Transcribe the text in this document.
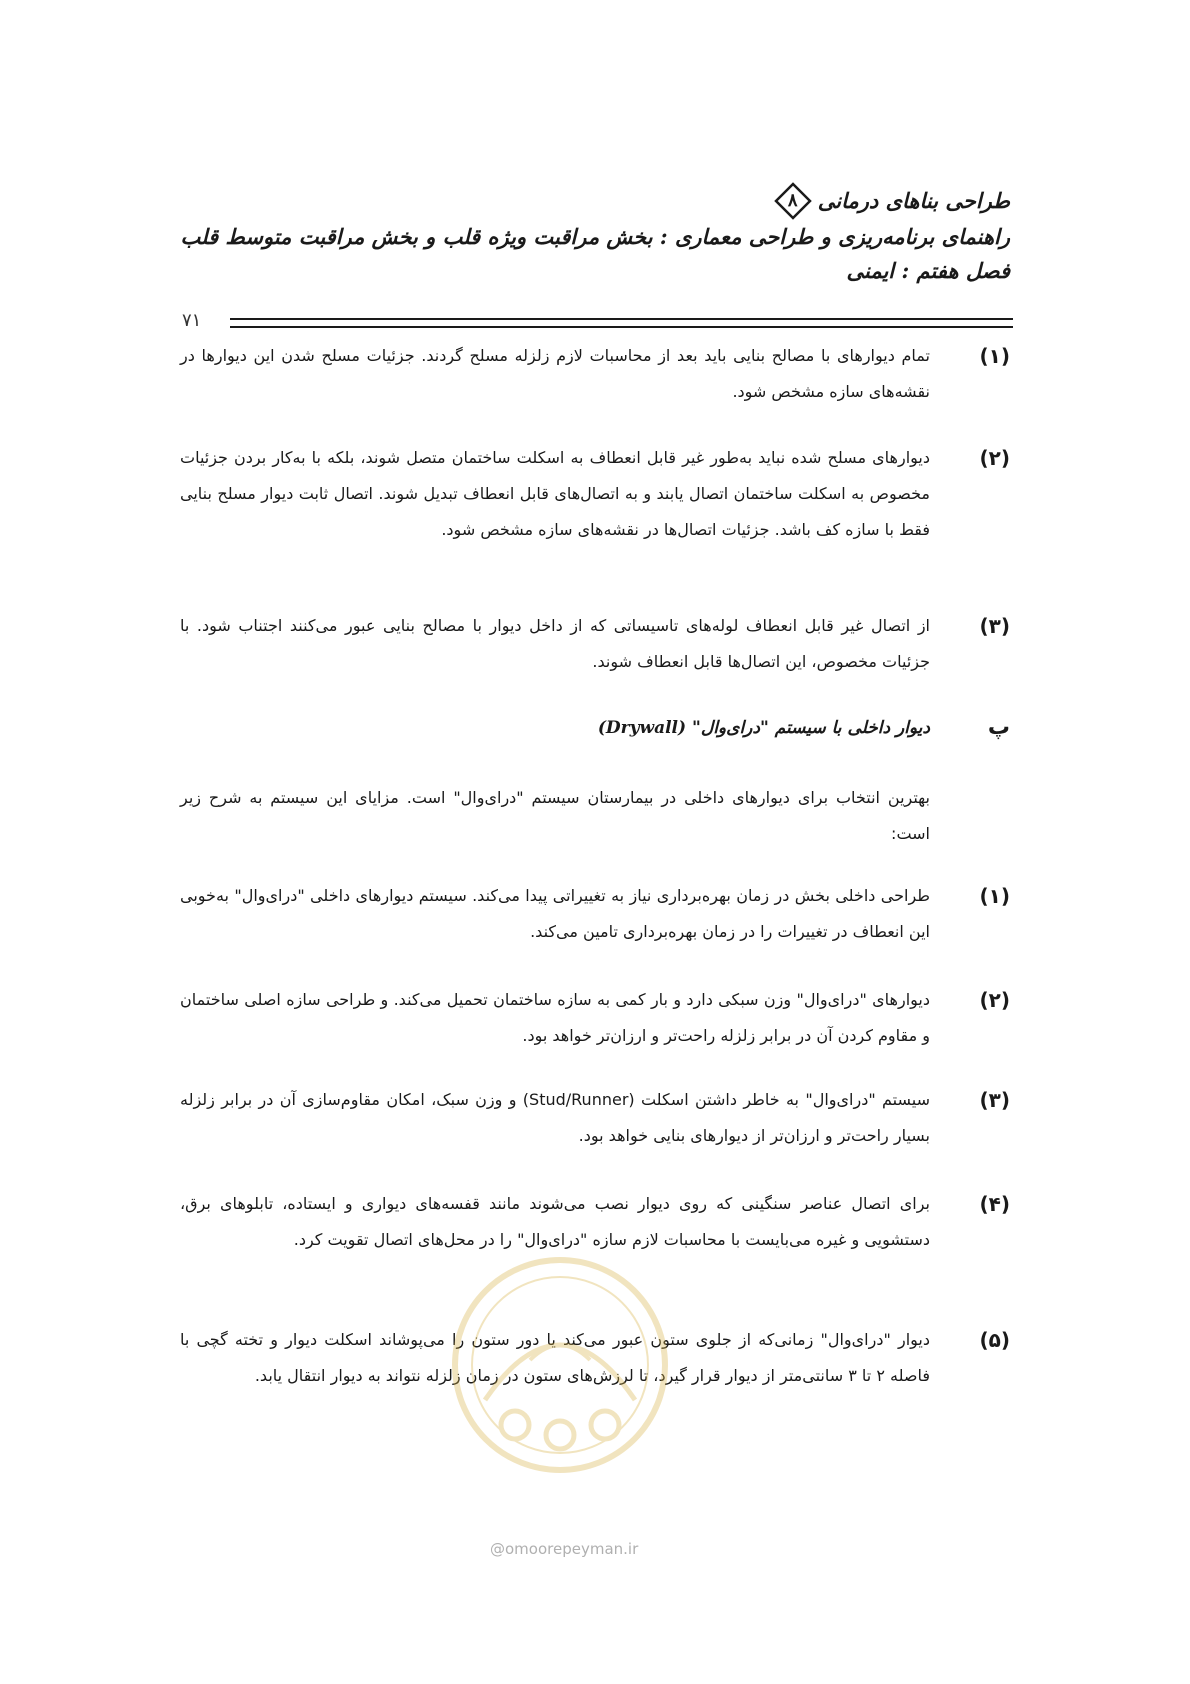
طراحی بناهای درمانی
۸
راهنمای برنامه‌ریزی و طراحی معماری : بخش مراقبت ویژه قلب و بخش مراقبت متوسط قلب
فصل هفتم : ایمنی
۷۱
(۱)
تمام دیوارهای با مصالح بنایی باید بعد از محاسبات لازم زلزله مسلح گردند. جزئیات مسلح شدن این دیوارها در نقشه‌های سازه مشخص شود.
(۲)
دیوارهای مسلح شده نباید به‌طور غیر قابل انعطاف به اسکلت ساختمان متصل شوند، بلکه با به‌کار بردن جزئیات مخصوص به اسکلت ساختمان اتصال یابند و به اتصال‌های قابل انعطاف تبدیل شوند. اتصال ثابت دیوار مسلح بنایی فقط با سازه کف باشد. جزئیات اتصال‌ها در نقشه‌های سازه مشخص شود.
(۳)
از اتصال غیر قابل انعطاف لوله‌های تاسیساتی که از داخل دیوار با مصالح بنایی عبور می‌کنند اجتناب شود. با جزئیات مخصوص، این اتصال‌ها قابل انعطاف شوند.
پ
دیوار داخلی با سیستم "درای‌وال" (Drywall)
بهترین انتخاب برای دیوارهای داخلی در بیمارستان سیستم "درای‌وال" است. مزایای این سیستم به شرح زیر است:
(۱)
طراحی داخلی بخش در زمان بهره‌برداری نیاز به تغییراتی پیدا می‌کند. سیستم دیوارهای داخلی "درای‌وال" به‌خوبی این انعطاف در تغییرات را در زمان بهره‌برداری تامین می‌کند.
(۲)
دیوارهای "درای‌وال" وزن سبکی دارد و بار کمی به سازه ساختمان تحمیل می‌کند. و طراحی سازه اصلی ساختمان و مقاوم کردن آن در برابر زلزله راحت‌تر و ارزان‌تر خواهد بود.
(۳)
سیستم "درای‌وال" به خاطر داشتن اسکلت (Stud/Runner) و وزن سبک، امکان مقاوم‌سازی آن در برابر زلزله بسیار راحت‌تر و ارزان‌تر از دیوارهای بنایی خواهد بود.
(۴)
برای اتصال عناصر سنگینی که روی دیوار نصب می‌شوند مانند قفسه‌های دیواری و ایستاده، تابلوهای برق، دستشویی و غیره می‌بایست با محاسبات لازم سازه "درای‌وال" را در محل‌های اتصال تقویت کرد.
(۵)
دیوار "درای‌وال" زمانی‌که از جلوی ستون عبور می‌کند یا دور ستون را می‌پوشاند اسکلت دیوار و تخته گچی با فاصله ۲ تا ۳ سانتی‌متر از دیوار قرار گیرد، تا لرزش‌های ستون در زمان زلزله نتواند به دیوار انتقال یابد.
@omoorepeyman.ir
